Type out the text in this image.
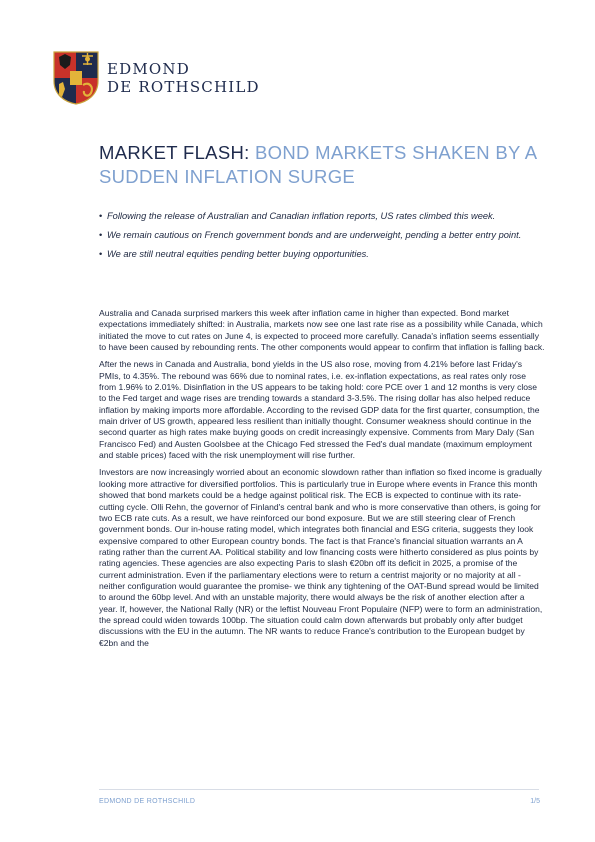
EDMOND
DE ROTHSCHILD
MARKET FLASH: BOND MARKETS SHAKEN BY A SUDDEN INFLATION SURGE
• Following the release of Australian and Canadian inflation reports, US rates climbed this week.
• We remain cautious on French government bonds and are underweight, pending a better entry point.
• We are still neutral equities pending better buying opportunities.

Australia and Canada surprised markers this week after inflation came in higher than expected. Bond market expectations immediately shifted: in Australia, markets now see one last rate rise as a possibility while Canada, which initiated the move to cut rates on June 4, is expected to proceed more carefully. Canada's inflation seems essentially to have been caused by rebounding rents. The other components would appear to confirm that inflation is falling back.

After the news in Canada and Australia, bond yields in the US also rose, moving from 4.21% before last Friday's PMIs, to 4.35%. The rebound was 66% due to nominal rates, i.e. ex-inflation expectations, as real rates only rose from 1.96% to 2.01%. Disinflation in the US appears to be taking hold: core PCE over 1 and 12 months is very close to the Fed target and wage rises are trending towards a standard 3-3.5%. The rising dollar has also helped reduce inflation by making imports more affordable. According to the revised GDP data for the first quarter, consumption, the main driver of US growth, appeared less resilient than initially thought. Consumer weakness should continue in the second quarter as high rates make buying goods on credit increasingly expensive. Comments from Mary Daly (San Francisco Fed) and Austen Goolsbee at the Chicago Fed stressed the Fed's dual mandate (maximum employment and stable prices) faced with the risk unemployment will rise further.

Investors are now increasingly worried about an economic slowdown rather than inflation so fixed income is gradually looking more attractive for diversified portfolios. This is particularly true in Europe where events in France this month showed that bond markets could be a hedge against political risk. The ECB is expected to continue with its rate-cutting cycle. Olli Rehn, the governor of Finland's central bank and who is more conservative than others, is going for two ECB rate cuts. As a result, we have reinforced our bond exposure. But we are still steering clear of French government bonds. Our in-house rating model, which integrates both financial and ESG criteria, suggests they look expensive compared to other European country bonds. The fact is that France's financial situation warrants an A rating rather than the current AA. Political stability and low financing costs were hitherto considered as plus points by rating agencies. These agencies are also expecting Paris to slash €20bn off its deficit in 2025, a promise of the current administration. Even if the parliamentary elections were to return a centrist majority or no majority at all -neither configuration would guarantee the promise- we think any tightening of the OAT-Bund spread would be limited to around the 60bp level. And with an unstable majority, there would always be the risk of another election after a year. If, however, the National Rally (NR) or the leftist Nouveau Front Populaire (NFP) were to form an administration, the spread could widen towards 100bp. The situation could calm down afterwards but probably only after budget discussions with the EU in the autumn. The NR wants to reduce France's contribution to the European budget by €2bn and the

EDMOND DE ROTHSCHILD	1/5
